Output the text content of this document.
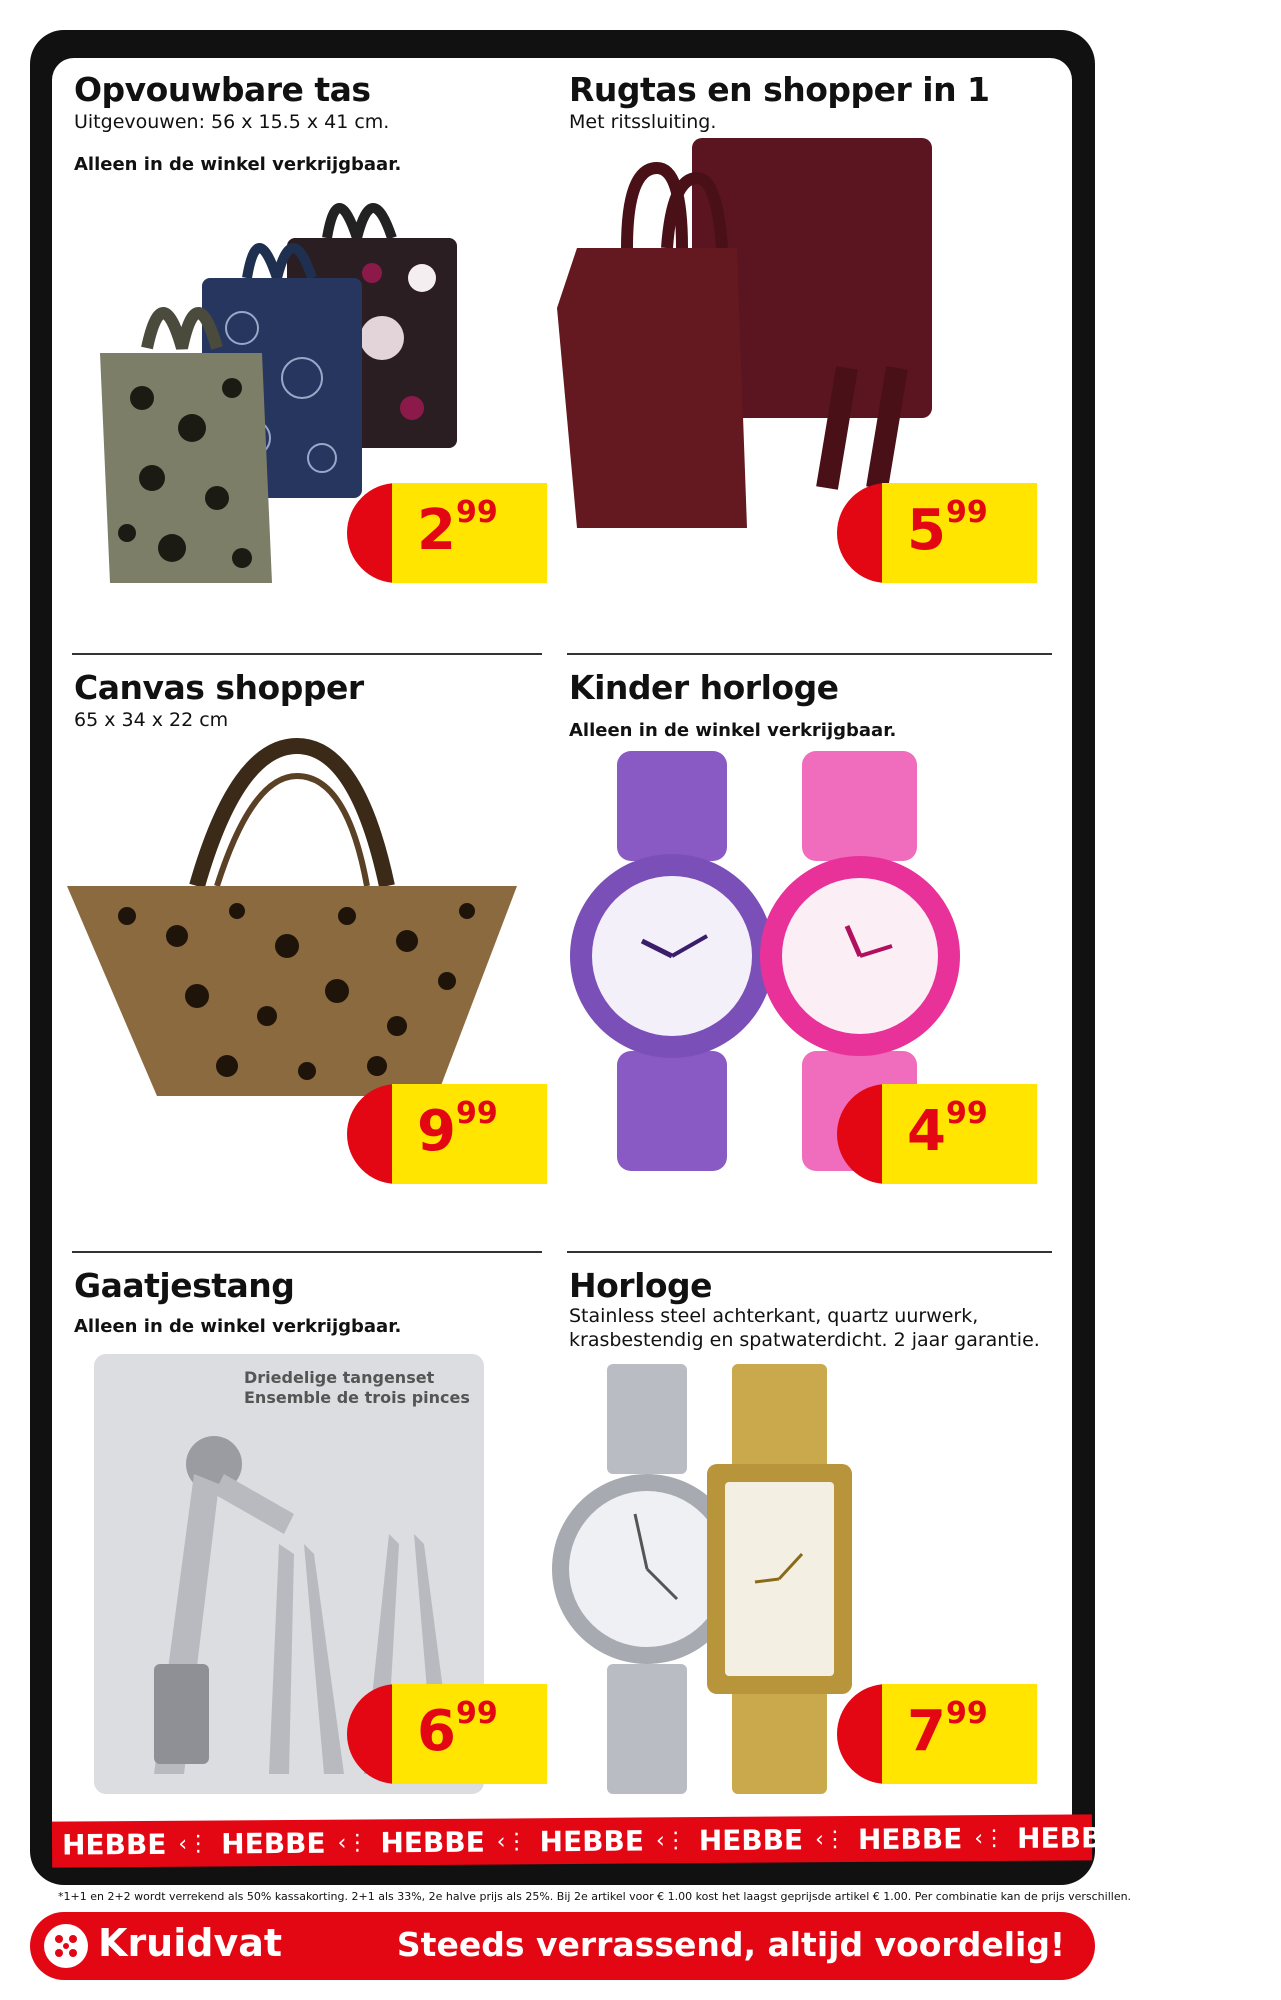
Opvouwbare tas
Uitgevouwen: 56 x 15.5 x 41 cm.
Alleen in de winkel verkrijgbaar.
$2^{99}$
Rugtas en shopper in 1
Met ritssluiting.
$5^{99}$
Canvas shopper
65 x 34 x 22 cm
$9^{99}$
Kinder horloge
Alleen in de winkel verkrijgbaar.
$4^{99}$
Gaatjestang
Alleen in de winkel verkrijgbaar.
Driedelige tangenset
Ensemble de trois pinces
$6^{99}$
Horloge
Stainless steel achterkant, quartz uurwerk,
krasbestendig en spatwaterdicht. 2 jaar garantie.
$7^{99}$
HEBBE ‹⋮ HEBBE ‹⋮ HEBBE ‹⋮ HEBBE ‹⋮ HEBBE ‹⋮ HEBBE ‹⋮ HEBBE ‹⋮ HEBBE
*1+1 en 2+2 wordt verrekend als 50% kassakorting. 2+1 als 33%, 2e halve prijs als 25%. Bij 2e artikel voor € 1.00 kost het laagst geprijsde artikel € 1.00. Per combinatie kan de prijs verschillen.
Kruidvat	Steeds verrassend, altijd voordelig!
